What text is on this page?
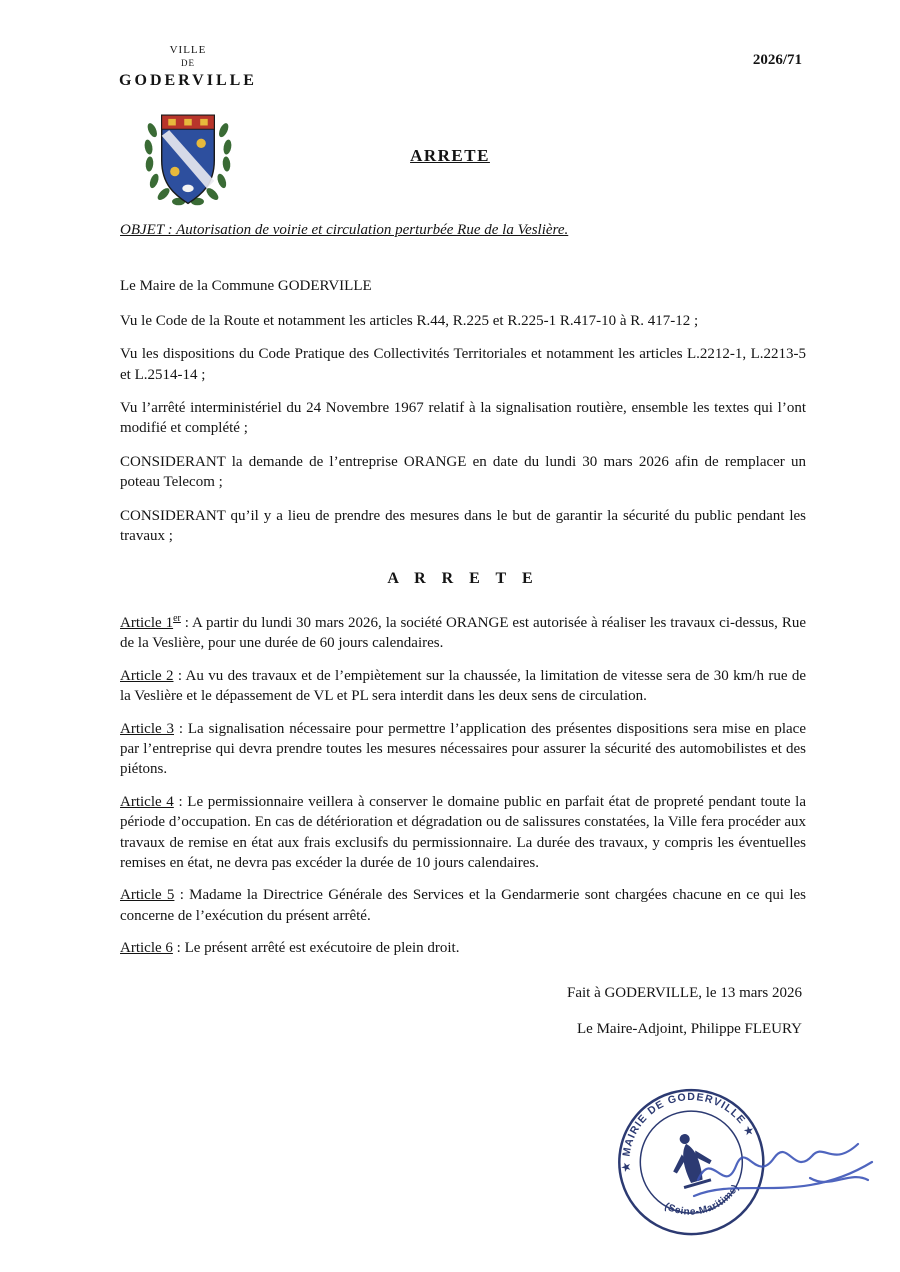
VILLE
DE
GODERVILLE
2026/71
ARRETE

OBJET : Autorisation de voirie et circulation perturbée Rue de la Veslière.

Le Maire de la Commune GODERVILLE

Vu le Code de la Route et notamment les articles R.44, R.225 et R.225-1 R.417-10 à R. 417-12 ;

Vu les dispositions du Code Pratique des Collectivités Territoriales et notamment les articles L.2212-1, L.2213-5 et L.2514-14 ;

Vu l’arrêté interministériel du 24 Novembre 1967 relatif à la signalisation routière, ensemble les textes qui l’ont modifié et complété ;

CONSIDERANT la demande de l’entreprise ORANGE en date du lundi 30 mars 2026 afin de remplacer un poteau Telecom ;

CONSIDERANT qu’il y a lieu de prendre des mesures dans le but de garantir la sécurité du public pendant les travaux ;

A R R E T E

Article 1er : A partir du lundi 30 mars 2026, la société ORANGE est autorisée à réaliser les travaux ci-dessus, Rue de la Veslière, pour une durée de 60 jours calendaires.

Article 2 : Au vu des travaux et de l’empiètement sur la chaussée, la limitation de vitesse sera de 30 km/h rue de la Veslière et le dépassement de VL et PL sera interdit dans les deux sens de circulation.

Article 3 : La signalisation nécessaire pour permettre l’application des présentes dispositions sera mise en place par l’entreprise qui devra prendre toutes les mesures nécessaires pour assurer la sécurité des automobilistes et des piétons.

Article 4 : Le permissionnaire veillera à conserver le domaine public en parfait état de propreté pendant toute la période d’occupation. En cas de détérioration et dégradation ou de salissures constatées, la Ville fera procéder aux travaux de remise en état aux frais exclusifs du permissionnaire. La durée des travaux, y compris les éventuelles remises en état, ne devra pas excéder la durée de 10 jours calendaires.

Article 5 : Madame la Directrice Générale des Services et la Gendarmerie sont chargées chacune en ce qui les concerne de l’exécution du présent arrêté.

Article 6 : Le présent arrêté est exécutoire de plein droit.

Fait à GODERVILLE, le 13 mars 2026

Le Maire-Adjoint, Philippe FLEURY

★ MAIRIE DE GODERVILLE ★
(Seine-Maritime)
